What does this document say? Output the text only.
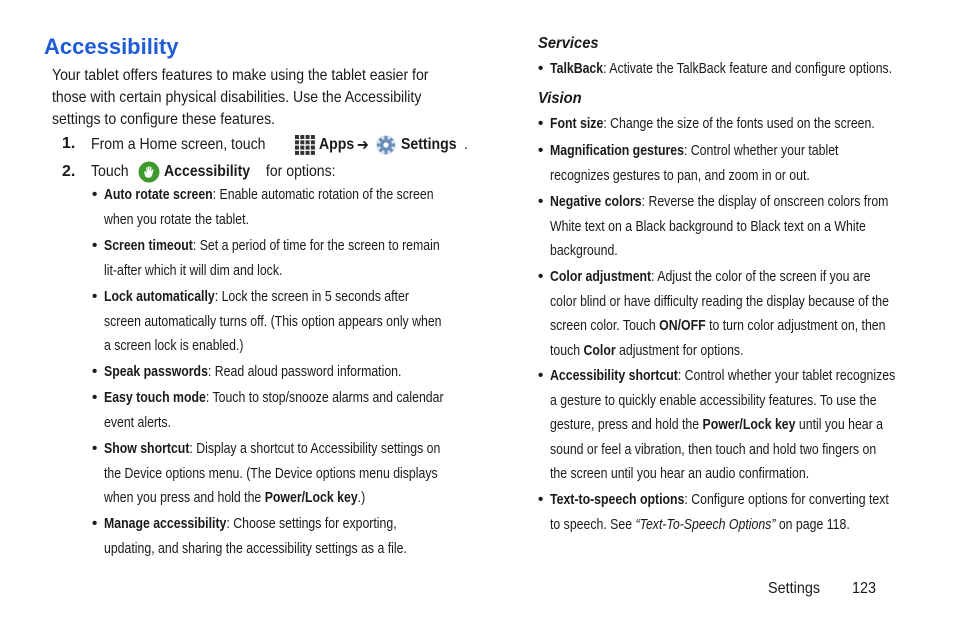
Accessibility
Your tablet offers features to make using the tablet easier for
those with certain physical disabilities. Use the Accessibility
settings to configure these features.
1. From a Home screen, touch	Apps ➔ Settings .
2. Touch Accessibility for options:
• Auto rotate screen: Enable automatic rotation of the screen
when you rotate the tablet.
• Screen timeout: Set a period of time for the screen to remain
lit-after which it will dim and lock.
• Lock automatically: Lock the screen in 5 seconds after
screen automatically turns off. (This option appears only when
a screen lock is enabled.)
• Speak passwords: Read aloud password information.
• Easy touch mode: Touch to stop/snooze alarms and calendar
event alerts.
• Show shortcut: Display a shortcut to Accessibility settings on
the Device options menu. (The Device options menu displays
when you press and hold the Power/Lock key.)
• Manage accessibility: Choose settings for exporting,
updating, and sharing the accessibility settings as a file.
Services
• TalkBack: Activate the TalkBack feature and configure options.
Vision
• Font size: Change the size of the fonts used on the screen.
• Magnification gestures: Control whether your tablet
recognizes gestures to pan, and zoom in or out.
• Negative colors: Reverse the display of onscreen colors from
White text on a Black background to Black text on a White
background.
• Color adjustment: Adjust the color of the screen if you are
color blind or have difficulty reading the display because of the
screen color. Touch ON/OFF to turn color adjustment on, then
touch Color adjustment for options.
• Accessibility shortcut: Control whether your tablet recognizes
a gesture to quickly enable accessibility features. To use the
gesture, press and hold the Power/Lock key until you hear a
sound or feel a vibration, then touch and hold two fingers on
the screen until you hear an audio confirmation.
• Text-to-speech options: Configure options for converting text
to speech. See “Text-To-Speech Options” on page 118.
Settings	123
